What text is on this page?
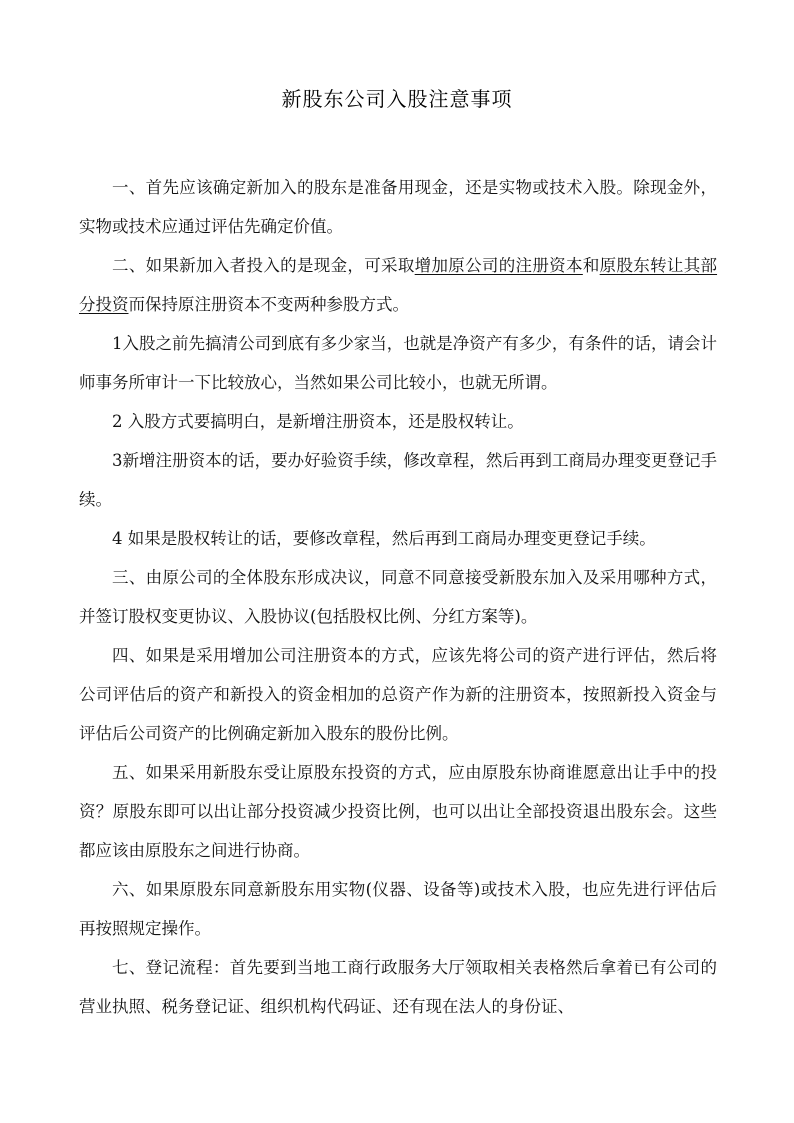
新股东公司入股注意事项

一、首先应该确定新加入的股东是准备用现金，还是实物或技术入股。除现金外，实物或技术应通过评估先确定价值。

二、如果新加入者投入的是现金，可采取增加原公司的注册资本和原股东转让其部分投资而保持原注册资本不变两种参股方式。

1入股之前先搞清公司到底有多少家当，也就是净资产有多少，有条件的话，请会计师事务所审计一下比较放心，当然如果公司比较小，也就无所谓。

2 入股方式要搞明白，是新增注册资本，还是股权转让。

3新增注册资本的话，要办好验资手续，修改章程，然后再到工商局办理变更登记手续。

4 如果是股权转让的话，要修改章程，然后再到工商局办理变更登记手续。

三、由原公司的全体股东形成决议，同意不同意接受新股东加入及采用哪种方式，并签订股权变更协议、入股协议(包括股权比例、分红方案等)。

四、如果是采用增加公司注册资本的方式，应该先将公司的资产进行评估，然后将公司评估后的资产和新投入的资金相加的总资产作为新的注册资本，按照新投入资金与评估后公司资产的比例确定新加入股东的股份比例。

五、如果采用新股东受让原股东投资的方式，应由原股东协商谁愿意出让手中的投资？原股东即可以出让部分投资减少投资比例，也可以出让全部投资退出股东会。这些都应该由原股东之间进行协商。

六、如果原股东同意新股东用实物(仪器、设备等)或技术入股，也应先进行评估后再按照规定操作。

七、登记流程：首先要到当地工商行政服务大厅领取相关表格然后拿着已有公司的营业执照、税务登记证、组织机构代码证、还有现在法人的身份证、
